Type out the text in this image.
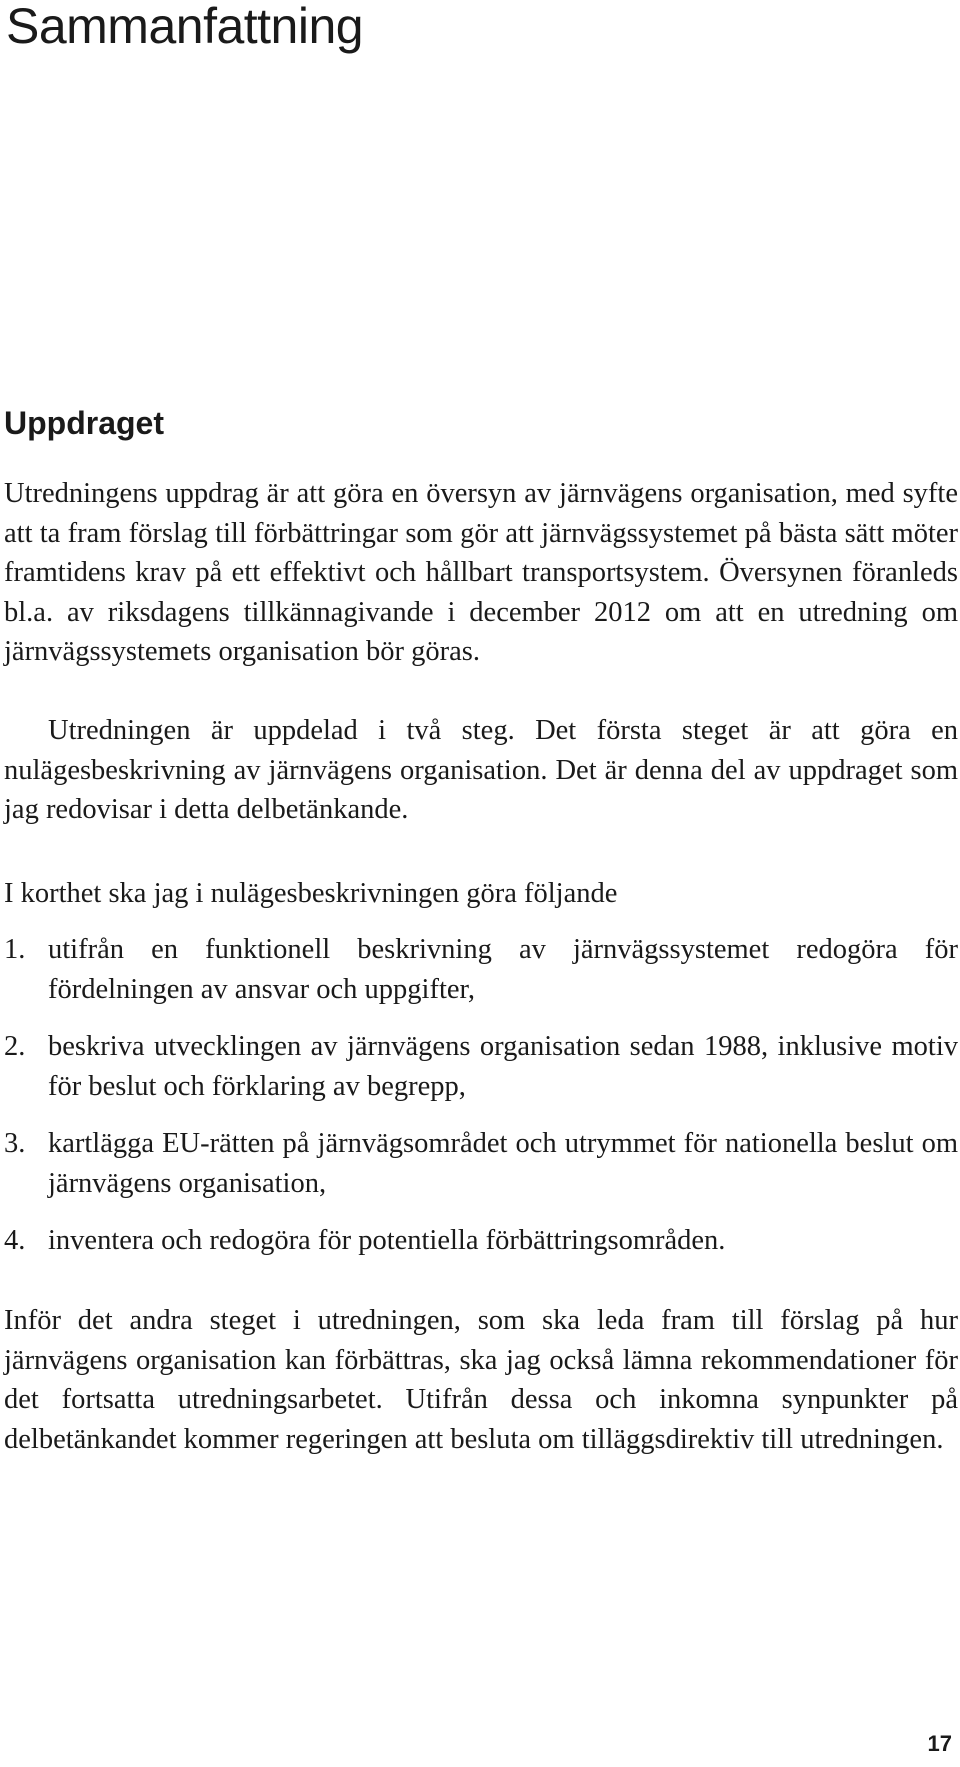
Sammanfattning
Uppdraget

Utredningens uppdrag är att göra en översyn av järnvägens organisation, med syfte att ta fram förslag till förbättringar som gör att järnvägssystemet på bästa sätt möter framtidens krav på ett effektivt och hållbart transportsystem. Översynen föranleds bl.a. av riksdagens tillkännagivande i december 2012 om att en utredning om järnvägssystemets organisation bör göras.

Utredningen är uppdelad i två steg. Det första steget är att göra en nulägesbeskrivning av järnvägens organisation. Det är denna del av uppdraget som jag redovisar i detta delbetänkande.

I korthet ska jag i nulägesbeskrivningen göra följande

1. utifrån en funktionell beskrivning av järnvägssystemet redogöra för fördelningen av ansvar och uppgifter,
2. beskriva utvecklingen av järnvägens organisation sedan 1988, inklusive motiv för beslut och förklaring av begrepp,
3. kartlägga EU-rätten på järnvägsområdet och utrymmet för nationella beslut om järnvägens organisation,
4. inventera och redogöra för potentiella förbättringsområden.

Inför det andra steget i utredningen, som ska leda fram till förslag på hur järnvägens organisation kan förbättras, ska jag också lämna rekommendationer för det fortsatta utredningsarbetet. Utifrån dessa och inkomna synpunkter på delbetänkandet kommer regeringen att besluta om tilläggsdirektiv till utredningen.

17
